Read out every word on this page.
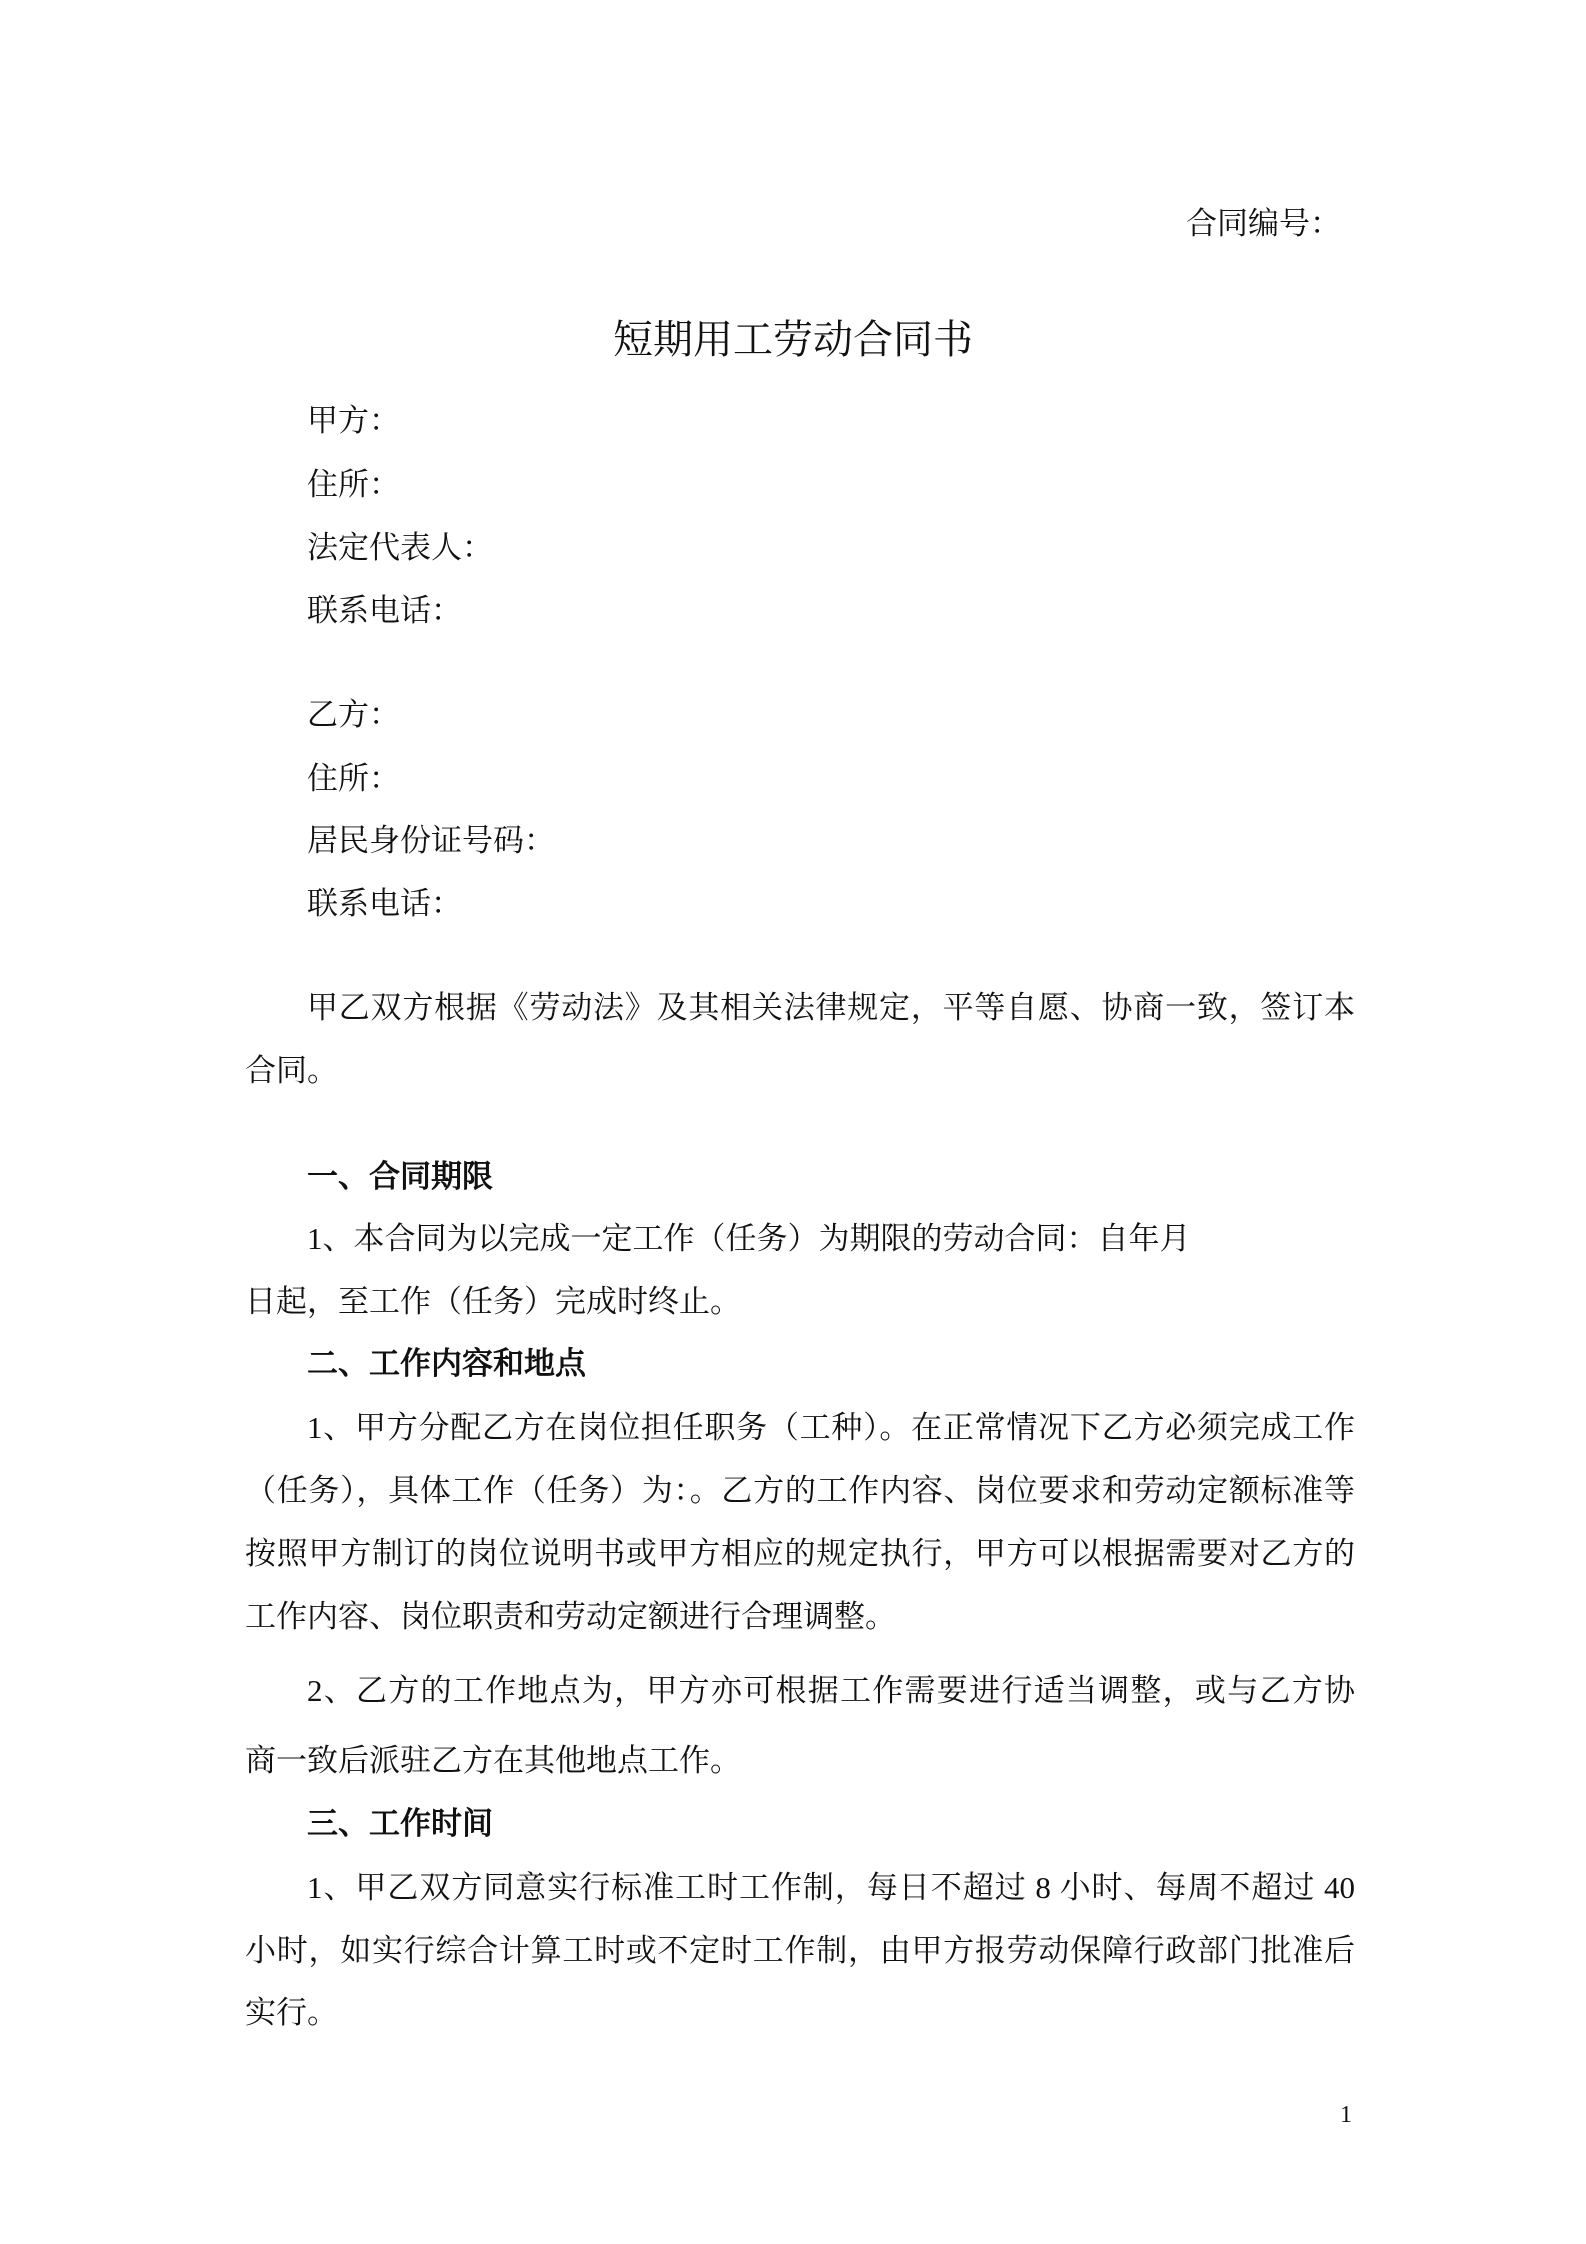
合同编号：
短期用工劳动合同书
甲方：
住所：
法定代表人：
联系电话：
乙方：
住所：
居民身份证号码：
联系电话：
甲乙双方根据《劳动法》及其相关法律规定，平等自愿、协商一致，签订本
合同。
一、合同期限
1、本合同为以完成一定工作（任务）为期限的劳动合同：自年月
日起，至工作（任务）完成时终止。
二、工作内容和地点
1、甲方分配乙方在岗位担任职务（工种）。在正常情况下乙方必须完成工作
（任务），具体工作（任务）为：。乙方的工作内容、岗位要求和劳动定额标准等
按照甲方制订的岗位说明书或甲方相应的规定执行，甲方可以根据需要对乙方的
工作内容、岗位职责和劳动定额进行合理调整。
2、乙方的工作地点为，甲方亦可根据工作需要进行适当调整，或与乙方协
商一致后派驻乙方在其他地点工作。
三、工作时间
1、甲乙双方同意实行标准工时工作制，每日不超过 8 小时、每周不超过 40
小时，如实行综合计算工时或不定时工作制，由甲方报劳动保障行政部门批准后
实行。
1
